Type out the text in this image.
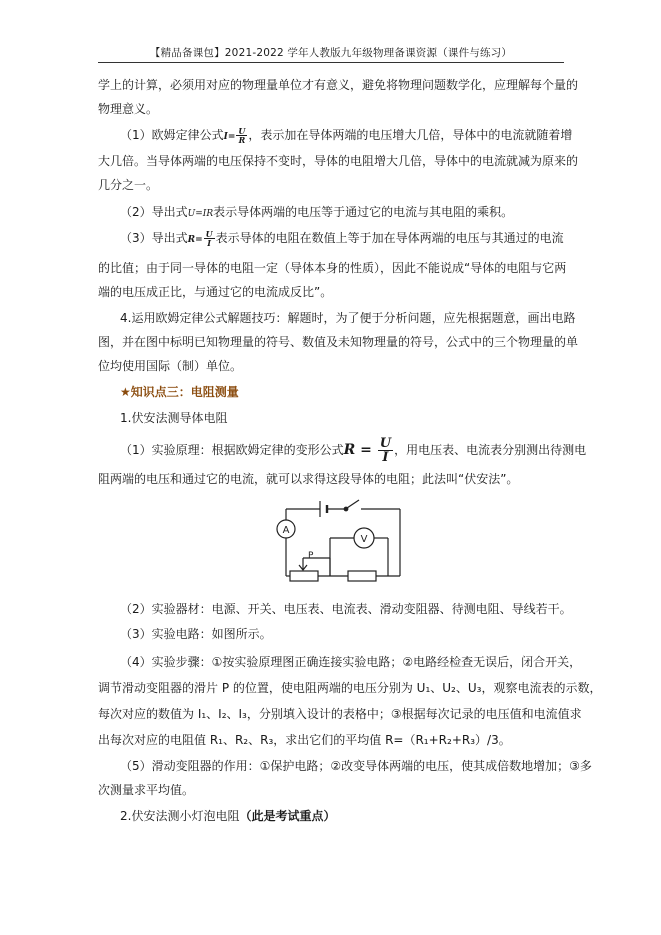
【精品备课包】2021-2022 学年人教版九年级物理备课资源（课件与练习）
学上的计算，必须用对应的物理量单位才有意义，避免将物理问题数学化，应理解每个量的
物理意义。
（1）欧姆定律公式$I= \frac{U}{R}$ ，表示加在导体两端的电压增大几倍，导体中的电流就随着增
大几倍。当导体两端的电压保持不变时，导体的电阻增大几倍，导体中的电流就减为原来的
几分之一。
（2）导出式U=IR表示导体两端的电压等于通过它的电流与其电阻的乘积。
（3）导出式$R= \frac{U}{I}$ 表示导体的电阻在数值上等于加在导体两端的电压与其通过的电流
的比值；由于同一导体的电阻一定（导体本身的性质），因此不能说成“导体的电阻与它两
端的电压成正比，与通过它的电流成反比”。
4.运用欧姆定律公式解题技巧：解题时，为了便于分析问题，应先根据题意，画出电路
图，并在图中标明已知物理量的符号、数值及未知物理量的符号，公式中的三个物理量的单
位均使用国际（制）单位。
★知识点三：电阻测量
1.伏安法测导体电阻
（1）实验原理：根据欧姆定律的变形公式$R = \frac{U}{I}$ ，用电压表、电流表分别测出待测电
阻两端的电压和通过它的电流，就可以求得这段导体的电阻；此法叫“伏安法”。
A
V
P
（2）实验器材：电源、开关、电压表、电流表、滑动变阻器、待测电阻、导线若干。
（3）实验电路：如图所示。
（4）实验步骤：①按实验原理图正确连接实验电路；②电路经检查无误后，闭合开关，
调节滑动变阻器的滑片 P 的位置，使电阻两端的电压分别为 U₁、U₂、U₃，观察电流表的示数，
每次对应的数值为 I₁、I₂、I₃，分别填入设计的表格中；③根据每次记录的电压值和电流值求
出每次对应的电阻值 R₁、R₂、R₃，求出它们的平均值 R=（R₁+R₂+R₃）/3。
（5）滑动变阻器的作用：①保护电路；②改变导体两端的电压，使其成倍数地增加；③多
次测量求平均值。
2.伏安法测小灯泡电阻（此是考试重点）
